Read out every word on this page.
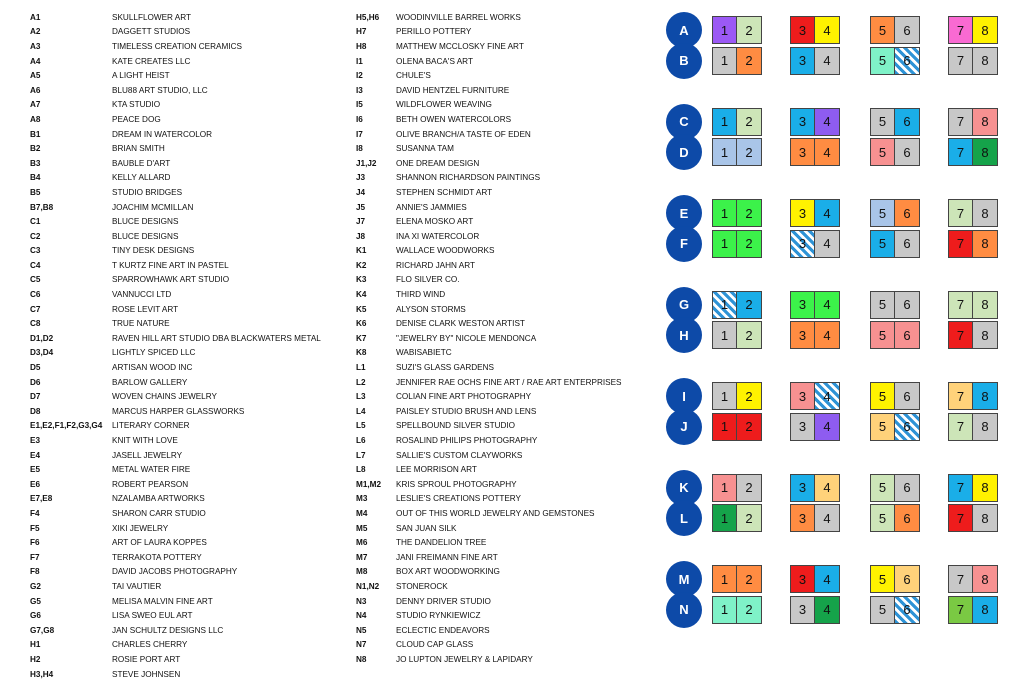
A1	SKULLFLOWER ART
A2	DAGGETT STUDIOS
A3	TIMELESS CREATION CERAMICS
A4	KATE CREATES LLC
A5	A LIGHT HEIST
A6	BLU88 ART STUDIO, LLC
A7	KTA STUDIO
A8	PEACE DOG
B1	DREAM IN WATERCOLOR
B2	BRIAN SMITH
B3	BAUBLE D'ART
B4	KELLY ALLARD
B5	STUDIO BRIDGES
B7,B8	JOACHIM MCMILLAN
C1	BLUCE DESIGNS
C2	BLUCE DESIGNS
C3	TINY DESK DESIGNS
C4	T KURTZ FINE ART IN PASTEL
C5	SPARROWHAWK ART STUDIO
C6	VANNUCCI LTD
C7	ROSE LEVIT ART
C8	TRUE NATURE
D1,D2	RAVEN HILL ART STUDIO DBA BLACKWATERS METAL
D3,D4	LIGHTLY SPICED LLC
D5	ARTISAN WOOD INC
D6	BARLOW GALLERY
D7	WOVEN CHAINS JEWELRY
D8	MARCUS HARPER GLASSWORKS
E1,E2,F1,F2,G3,G4	LITERARY CORNER
E3	KNIT WITH LOVE
E4	JASELL JEWELRY
E5	METAL WATER FIRE
E6	ROBERT PEARSON
E7,E8	NZALAMBA ARTWORKS
F4	SHARON CARR STUDIO
F5	XIKI JEWELRY
F6	ART OF LAURA KOPPES
F7	TERRAKOTA POTTERY
F8	DAVID JACOBS PHOTOGRAPHY
G2	TAI VAUTIER
G5	MELISA MALVIN FINE ART
G6	LISA SWEO EUL ART
G7,G8	JAN SCHULTZ DESIGNS LLC
H1	CHARLES CHERRY
H2	ROSIE PORT ART
H3,H4	STEVE JOHNSEN
H5,H6	WOODINVILLE BARREL WORKS
H7	PERILLO POTTERY
H8	MATTHEW MCCLOSKY FINE ART
I1	OLENA BACA'S ART
I2	CHULE'S
I3	DAVID HENTZEL FURNITURE
I5	WILDFLOWER WEAVING
I6	BETH OWEN WATERCOLORS
I7	OLIVE BRANCH/A TASTE OF EDEN
I8	SUSANNA TAM
J1,J2	ONE DREAM DESIGN
J3	SHANNON RICHARDSON PAINTINGS
J4	STEPHEN SCHMIDT ART
J5	ANNIE'S JAMMIES
J7	ELENA MOSKO ART
J8	INA XI WATERCOLOR
K1	WALLACE WOODWORKS
K2	RICHARD JAHN ART
K3	FLO SILVER CO.
K4	THIRD WIND
K5	ALYSON STORMS
K6	DENISE CLARK WESTON ARTIST
K7	"JEWELRY BY" NICOLE MENDONCA
K8	WABISABIETC
L1	SUZI'S GLASS GARDENS
L2	JENNIFER RAE OCHS FINE ART / RAE ART ENTERPRISES
L3	COLIAN FINE ART PHOTOGRAPHY
L4	PAISLEY STUDIO BRUSH AND LENS
L5	SPELLBOUND SILVER STUDIO
L6	ROSALIND PHILIPS PHOTOGRAPHY
L7	SALLIE'S CUSTOM CLAYWORKS
L8	LEE MORRISON ART
M1,M2	KRIS SPROUL PHOTOGRAPHY
M3	LESLIE'S CREATIONS POTTERY
M4	OUT OF THIS WORLD JEWELRY AND GEMSTONES
M5	SAN JUAN SILK
M6	THE DANDELION TREE
M7	JANI FREIMANN FINE ART
M8	BOX ART WOODWORKING
N1,N2	STONEROCK
N3	DENNY DRIVER STUDIO
N4	STUDIO RYNKIEWICZ
N5	ECLECTIC ENDEAVORS
N7	CLOUD CAP GLASS
N8	JO LUPTON JEWELRY & LAPIDARY
A	1	2	3	4	5	6	7	8
B	1	2	3	4	5	6	7	8
C	1	2	3	4	5	6	7	8
D	1	2	3	4	5	6	7	8
E	1	2	3	4	5	6	7	8
F	1	2	3	4	5	6	7	8
G	1	2	3	4	5	6	7	8
H	1	2	3	4	5	6	7	8
I	1	2	3	4	5	6	7	8
J	1	2	3	4	5	6	7	8
K	1	2	3	4	5	6	7	8
L	1	2	3	4	5	6	7	8
M	1	2	3	4	5	6	7	8
N	1	2	3	4	5	6	7	8
